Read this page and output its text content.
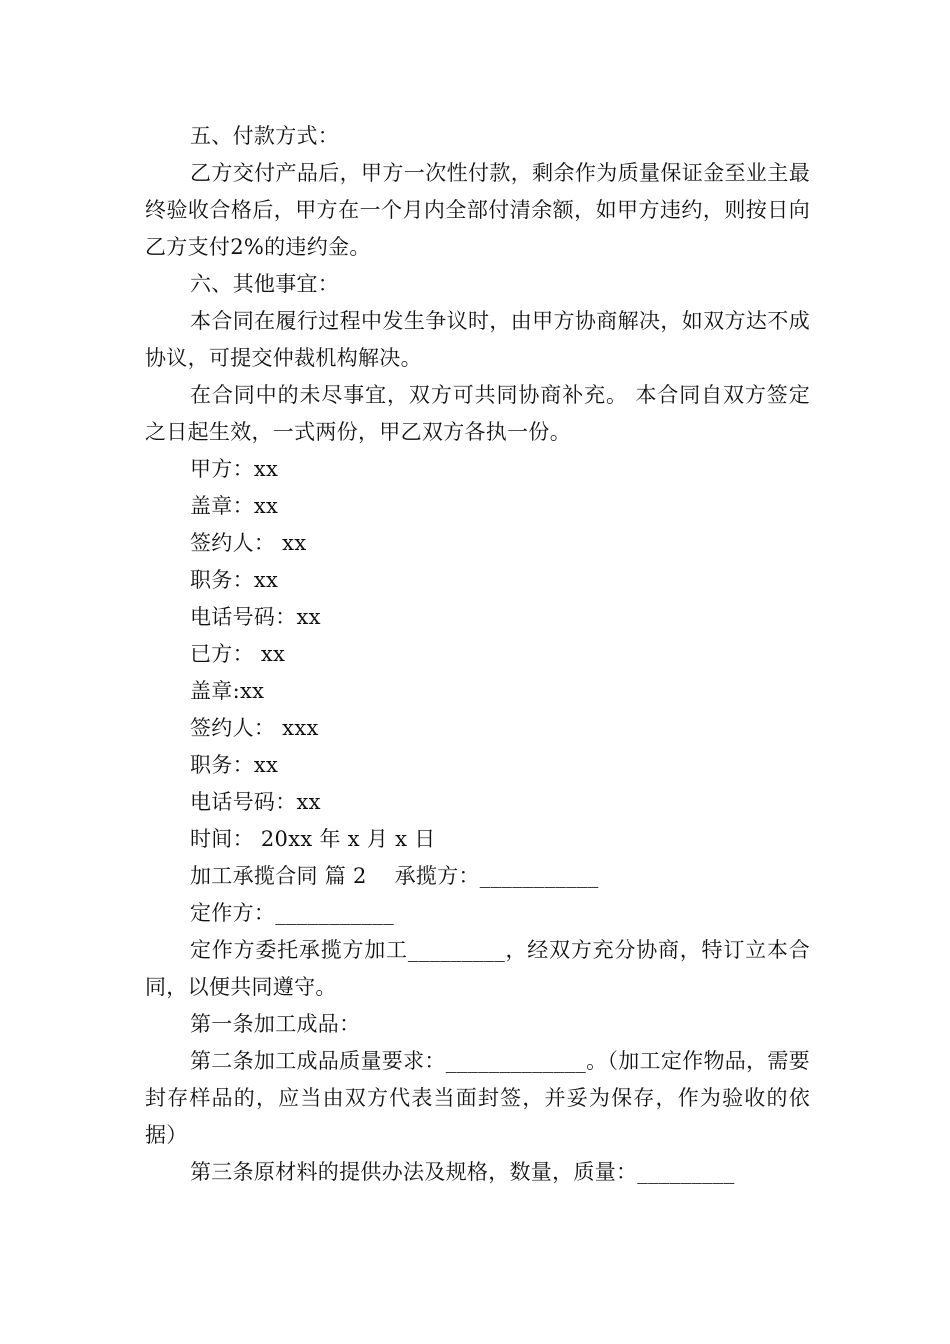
五、付款方式：

乙方交付产品后，甲方一次性付款，剩余作为质量保证金至业主最终验收合格后，甲方在一个月内全部付清余额，如甲方违约，则按日向乙方支付2%的违约金。

六、其他事宜：

本合同在履行过程中发生争议时，由甲方协商解决，如双方达不成协议，可提交仲裁机构解决。

在合同中的未尽事宜，双方可共同协商补充。 本合同自双方签定之日起生效，一式两份，甲乙双方各执一份。

甲方：xx

盖章：xx

签约人： xx

职务：xx

电话号码：xx

已方： xx

盖章:xx

签约人： xxx

职务：xx

电话号码：xx

时间： 20xx 年 x 月 x 日

加工承揽合同 篇 2    承揽方：___________

定作方：___________

定作方委托承揽方加工_________，经双方充分协商，特订立本合同，以便共同遵守。

第一条加工成品：

第二条加工成品质量要求：_____________。（加工定作物品，需要封存样品的，应当由双方代表当面封签，并妥为保存，作为验收的依据）

第三条原材料的提供办法及规格，数量，质量：_________
